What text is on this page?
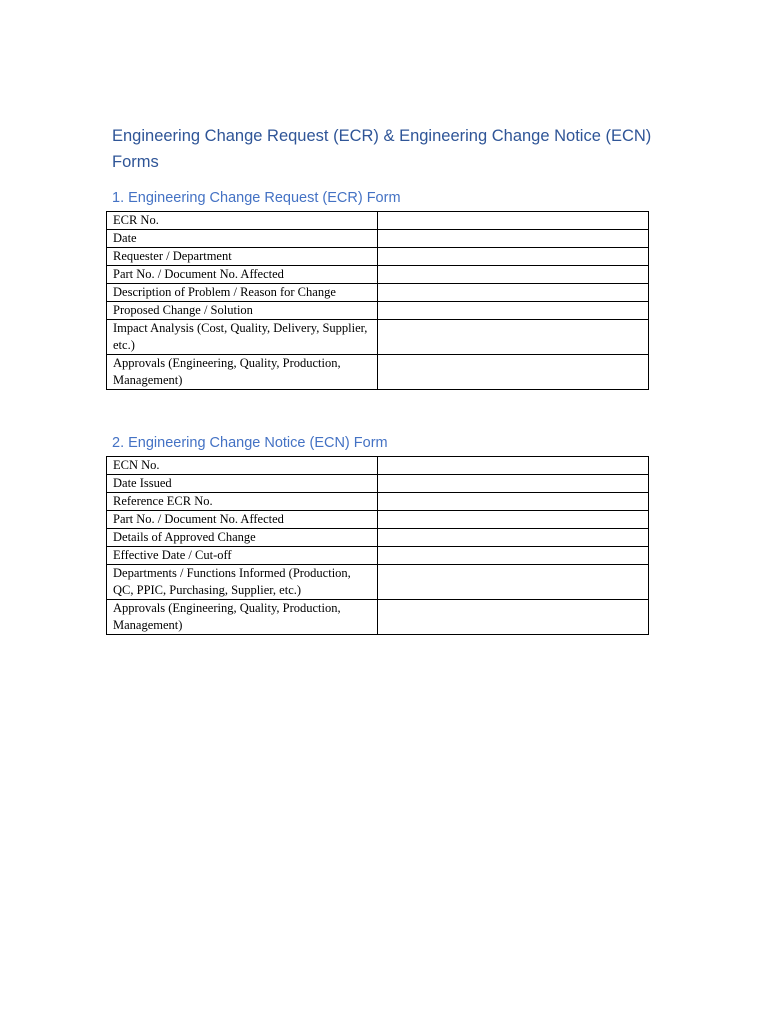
Engineering Change Request (ECR) & Engineering Change Notice (ECN)
Forms
1. Engineering Change Request (ECR) Form
ECR No.	
Date	
Requester / Department	
Part No. / Document No. Affected	
Description of Problem / Reason for Change	
Proposed Change / Solution	
Impact Analysis (Cost, Quality, Delivery, Supplier, etc.)	
Approvals (Engineering, Quality, Production, Management)	
2. Engineering Change Notice (ECN) Form
ECN No.	
Date Issued	
Reference ECR No.	
Part No. / Document No. Affected	
Details of Approved Change	
Effective Date / Cut-off	
Departments / Functions Informed (Production, QC, PPIC, Purchasing, Supplier, etc.)	
Approvals (Engineering, Quality, Production, Management)	
